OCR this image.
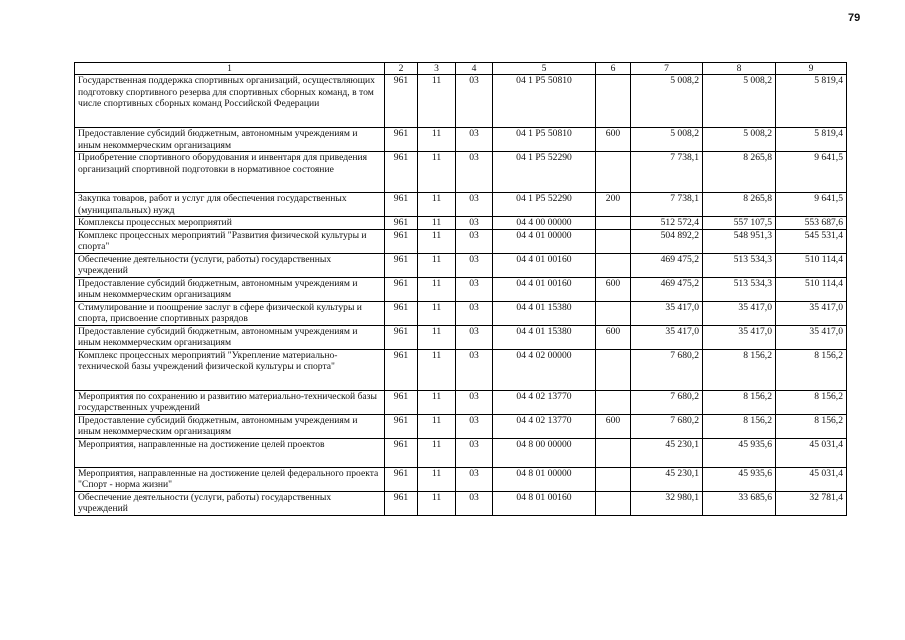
79
1	2	3	4	5	6	7	8	9
Государственная поддержка спортивных организаций, осуществляющих подготовку спортивного резерва для спортивных сборных команд, в том числе спортивных сборных команд Российской Федерации	961	11	03	04 1 P5 50810		5 008,2	5 008,2	5 819,4
Предоставление субсидий бюджетным, автономным учреждениям и иным некоммерческим организациям	961	11	03	04 1 P5 50810	600	5 008,2	5 008,2	5 819,4
Приобретение спортивного оборудования и инвентаря для приведения организаций спортивной подготовки в нормативное состояние	961	11	03	04 1 P5 52290		7 738,1	8 265,8	9 641,5
Закупка товаров, работ и услуг для обеспечения государственных (муниципальных) нужд	961	11	03	04 1 P5 52290	200	7 738,1	8 265,8	9 641,5
Комплексы процессных мероприятий	961	11	03	04 4 00 00000		512 572,4	557 107,5	553 687,6
Комплекс процессных мероприятий "Развития физической культуры и спорта"	961	11	03	04 4 01 00000		504 892,2	548 951,3	545 531,4
Обеспечение деятельности (услуги, работы) государственных учреждений	961	11	03	04 4 01 00160		469 475,2	513 534,3	510 114,4
Предоставление субсидий бюджетным, автономным учреждениям и иным некоммерческим организациям	961	11	03	04 4 01 00160	600	469 475,2	513 534,3	510 114,4
Стимулирование и поощрение заслуг в сфере физической культуры и спорта, присвоение спортивных разрядов	961	11	03	04 4 01 15380		35 417,0	35 417,0	35 417,0
Предоставление субсидий бюджетным, автономным учреждениям и иным некоммерческим организациям	961	11	03	04 4 01 15380	600	35 417,0	35 417,0	35 417,0
Комплекс процессных мероприятий "Укрепление материально-технической базы учреждений физической культуры и спорта"	961	11	03	04 4 02 00000		7 680,2	8 156,2	8 156,2
Мероприятия по сохранению и развитию материально-технической базы государственных учреждений	961	11	03	04 4 02 13770		7 680,2	8 156,2	8 156,2
Предоставление субсидий бюджетным, автономным учреждениям и иным некоммерческим организациям	961	11	03	04 4 02 13770	600	7 680,2	8 156,2	8 156,2
Мероприятия, направленные на достижение целей проектов	961	11	03	04 8 00 00000		45 230,1	45 935,6	45 031,4
Мероприятия, направленные на достижение целей федерального проекта "Спорт - норма жизни"	961	11	03	04 8 01 00000		45 230,1	45 935,6	45 031,4
Обеспечение деятельности (услуги, работы) государственных учреждений	961	11	03	04 8 01 00160		32 980,1	33 685,6	32 781,4
